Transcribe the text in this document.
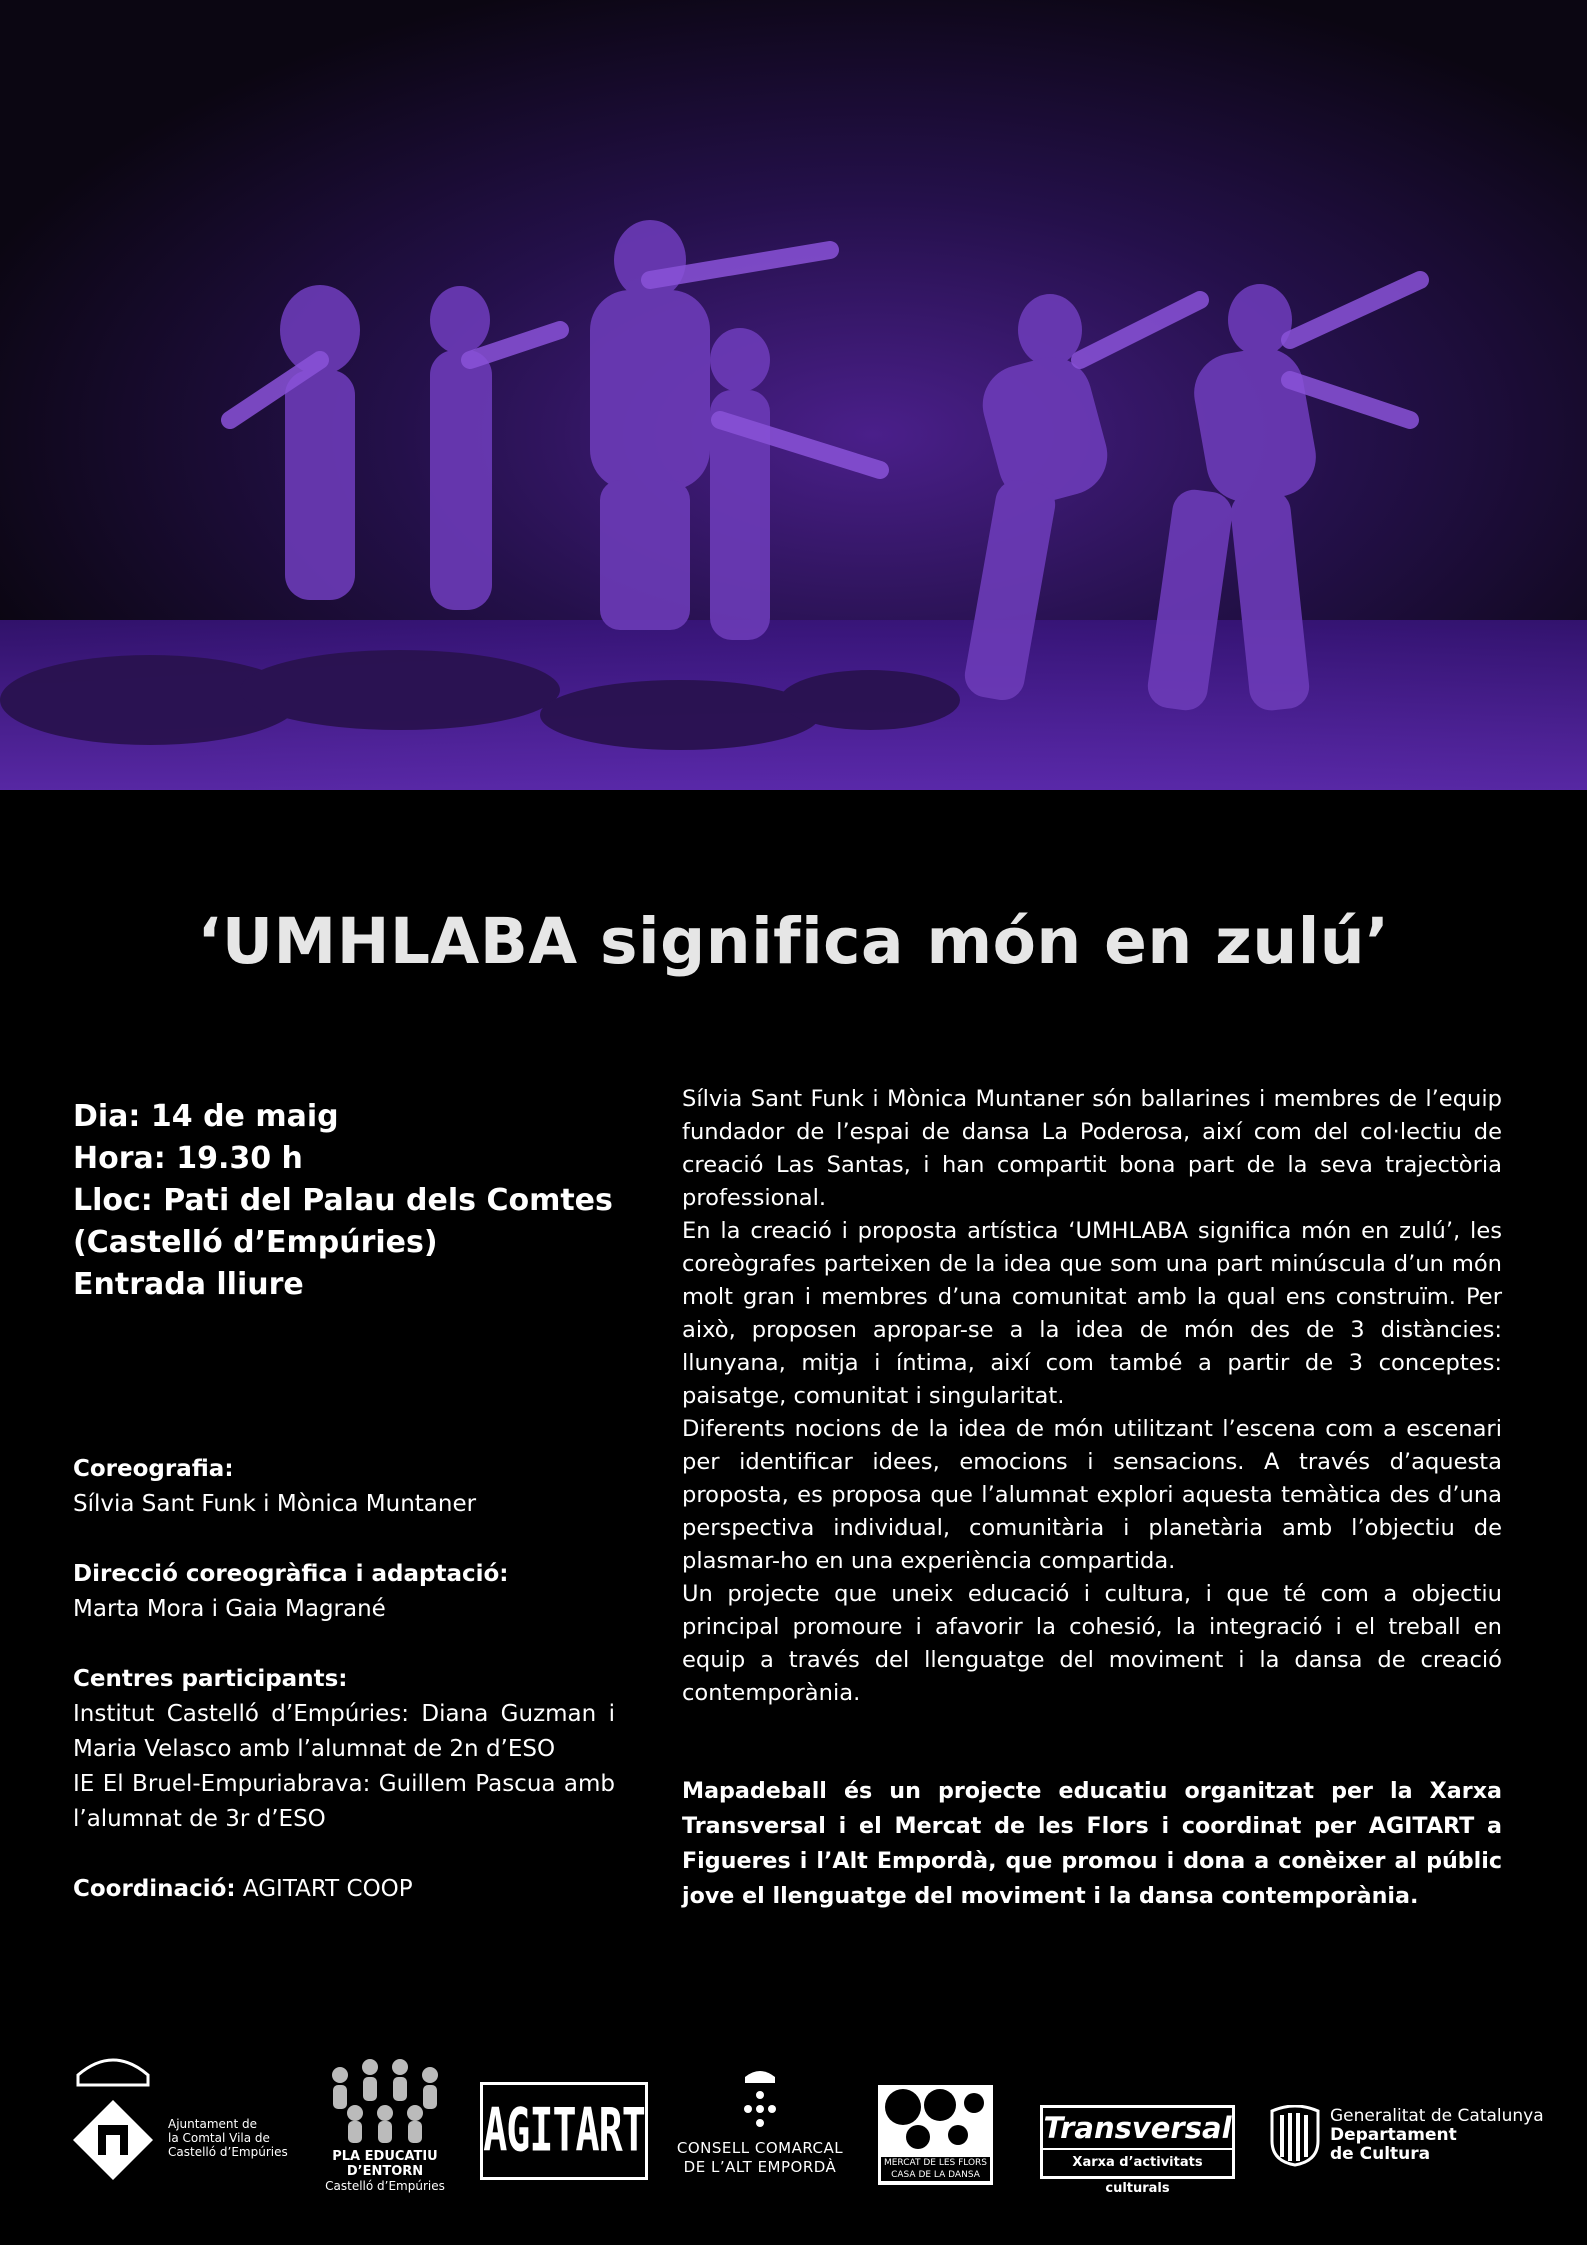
‘UMHLABA significa món en zulú’
Dia: 14 de maig
Hora: 19.30 h
Lloc: Pati del Palau dels Comtes
(Castelló d’Empúries)
Entrada lliure
Coreografia:
Sílvia Sant Funk i Mònica Muntaner
Direcció coreogràfica i adaptació:
Marta Mora i Gaia Magrané
Centres participants:
Institut Castelló d’Empúries: Diana Guzman i Maria Velasco amb l’alumnat de 2n d’ESO
IE El Bruel-Empuriabrava: Guillem Pascua amb l’alumnat de 3r d’ESO
Coordinació: AGITART COOP

Sílvia Sant Funk i Mònica Muntaner són ballarines i membres de l’equip fundador de l’espai de dansa La Poderosa, així com del col·lectiu de creació Las Santas, i han compartit bona part de la seva trajectòria professional.

En la creació i proposta artística ‘UMHLABA significa món en zulú’, les coreògrafes parteixen de la idea que som una part minúscula d’un món molt gran i membres d’una comunitat amb la qual ens construïm. Per això, proposen apropar-se a la idea de món des de 3 distàncies: llunyana, mitja i íntima, així com també a partir de 3 conceptes: paisatge, comunitat i singularitat.

Diferents nocions de la idea de món utilitzant l’escena com a escenari per identificar idees, emocions i sensacions. A través d’aquesta proposta, es proposa que l’alumnat explori aquesta temàtica des d’una perspectiva individual, comunitària i planetària amb l’objectiu de plasmar-ho en una experiència compartida.

Un projecte que uneix educació i cultura, i que té com a objectiu principal promoure i afavorir la cohesió, la integració i el treball en equip a través del llenguatge del moviment i la dansa de creació contemporània.

Mapadeball és un projecte educatiu organitzat per la Xarxa Transversal i el Mercat de les Flors i coordinat per AGITART a Figueres i l’Alt Empordà, que promou i dona a conèixer al públic jove el llenguatge del moviment i la dansa contemporània.
Ajuntament de
la Comtal Vila de
Castelló d’Empúries	PLA EDUCATIU
D’ENTORN
Castelló d’Empúries
AGITART CONSELL COMARCAL
DE L’ALT EMPORDÀ	MERCAT DE LES FLORS
CASA DE LA DANSA
Transversal
Xarxa d’activitats culturals
Generalitat de Catalunya
Departament
de Cultura
